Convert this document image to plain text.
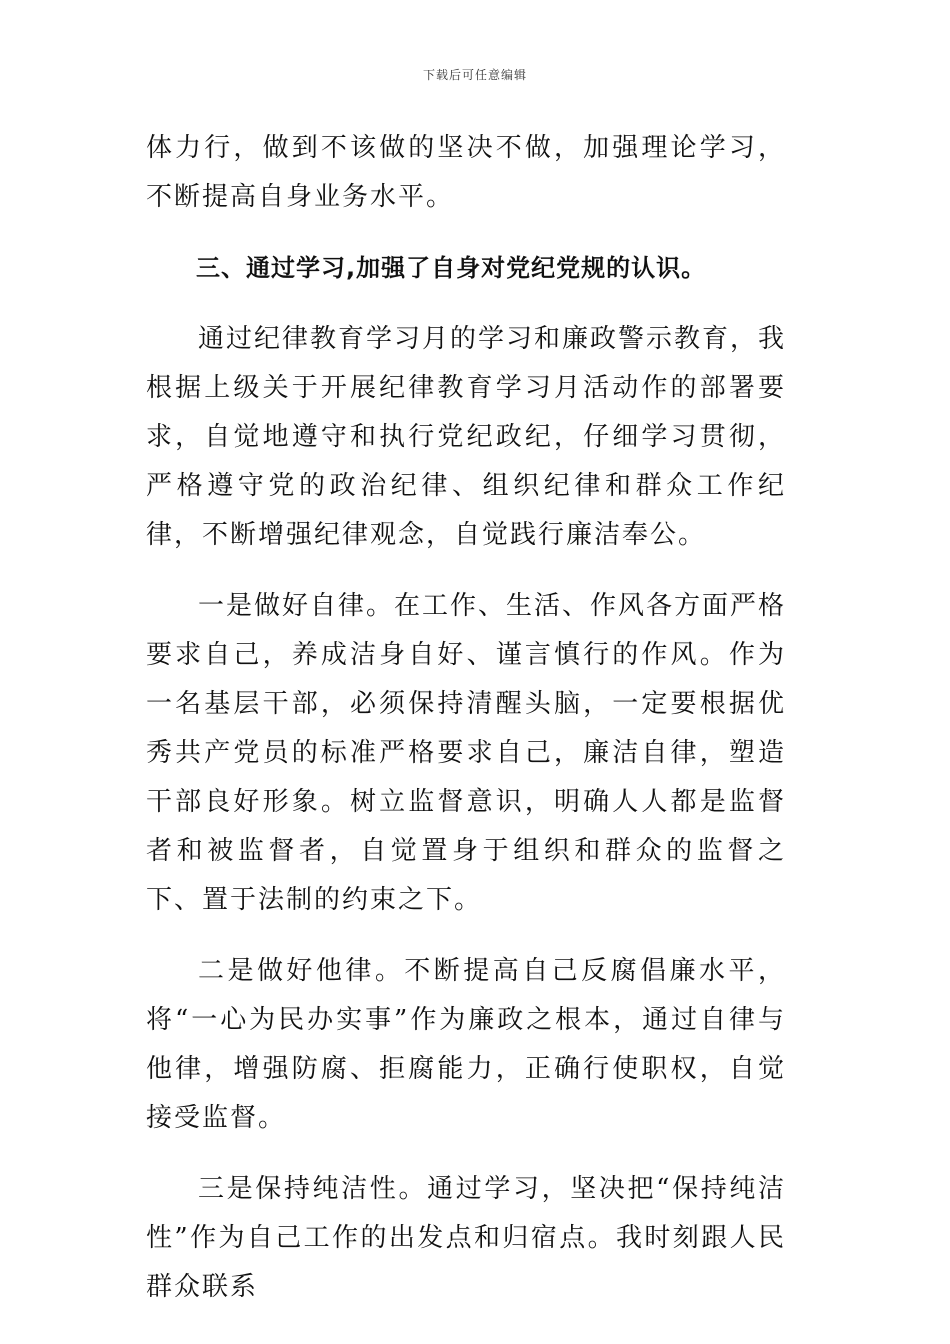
下载后可任意编辑

体力行，做到不该做的坚决不做，加强理论学习，不断提高自身业务水平。

三、通过学习,加强了自身对党纪党规的认识。

通过纪律教育学习月的学习和廉政警示教育，我根据上级关于开展纪律教育学习月活动作的部署要求，自觉地遵守和执行党纪政纪，仔细学习贯彻，严格遵守党的政治纪律、组织纪律和群众工作纪律，不断增强纪律观念，自觉践行廉洁奉公。

一是做好自律。在工作、生活、作风各方面严格要求自己，养成洁身自好、谨言慎行的作风。作为一名基层干部，必须保持清醒头脑，一定要根据优秀共产党员的标准严格要求自己，廉洁自律，塑造干部良好形象。树立监督意识，明确人人都是监督者和被监督者，自觉置身于组织和群众的监督之下、置于法制的约束之下。

二是做好他律。不断提高自己反腐倡廉水平，将“一心为民办实事”作为廉政之根本，通过自律与他律，增强防腐、拒腐能力，正确行使职权，自觉接受监督。

三是保持纯洁性。通过学习，坚决把“保持纯洁性”作为自己工作的出发点和归宿点。我时刻跟人民群众联系
